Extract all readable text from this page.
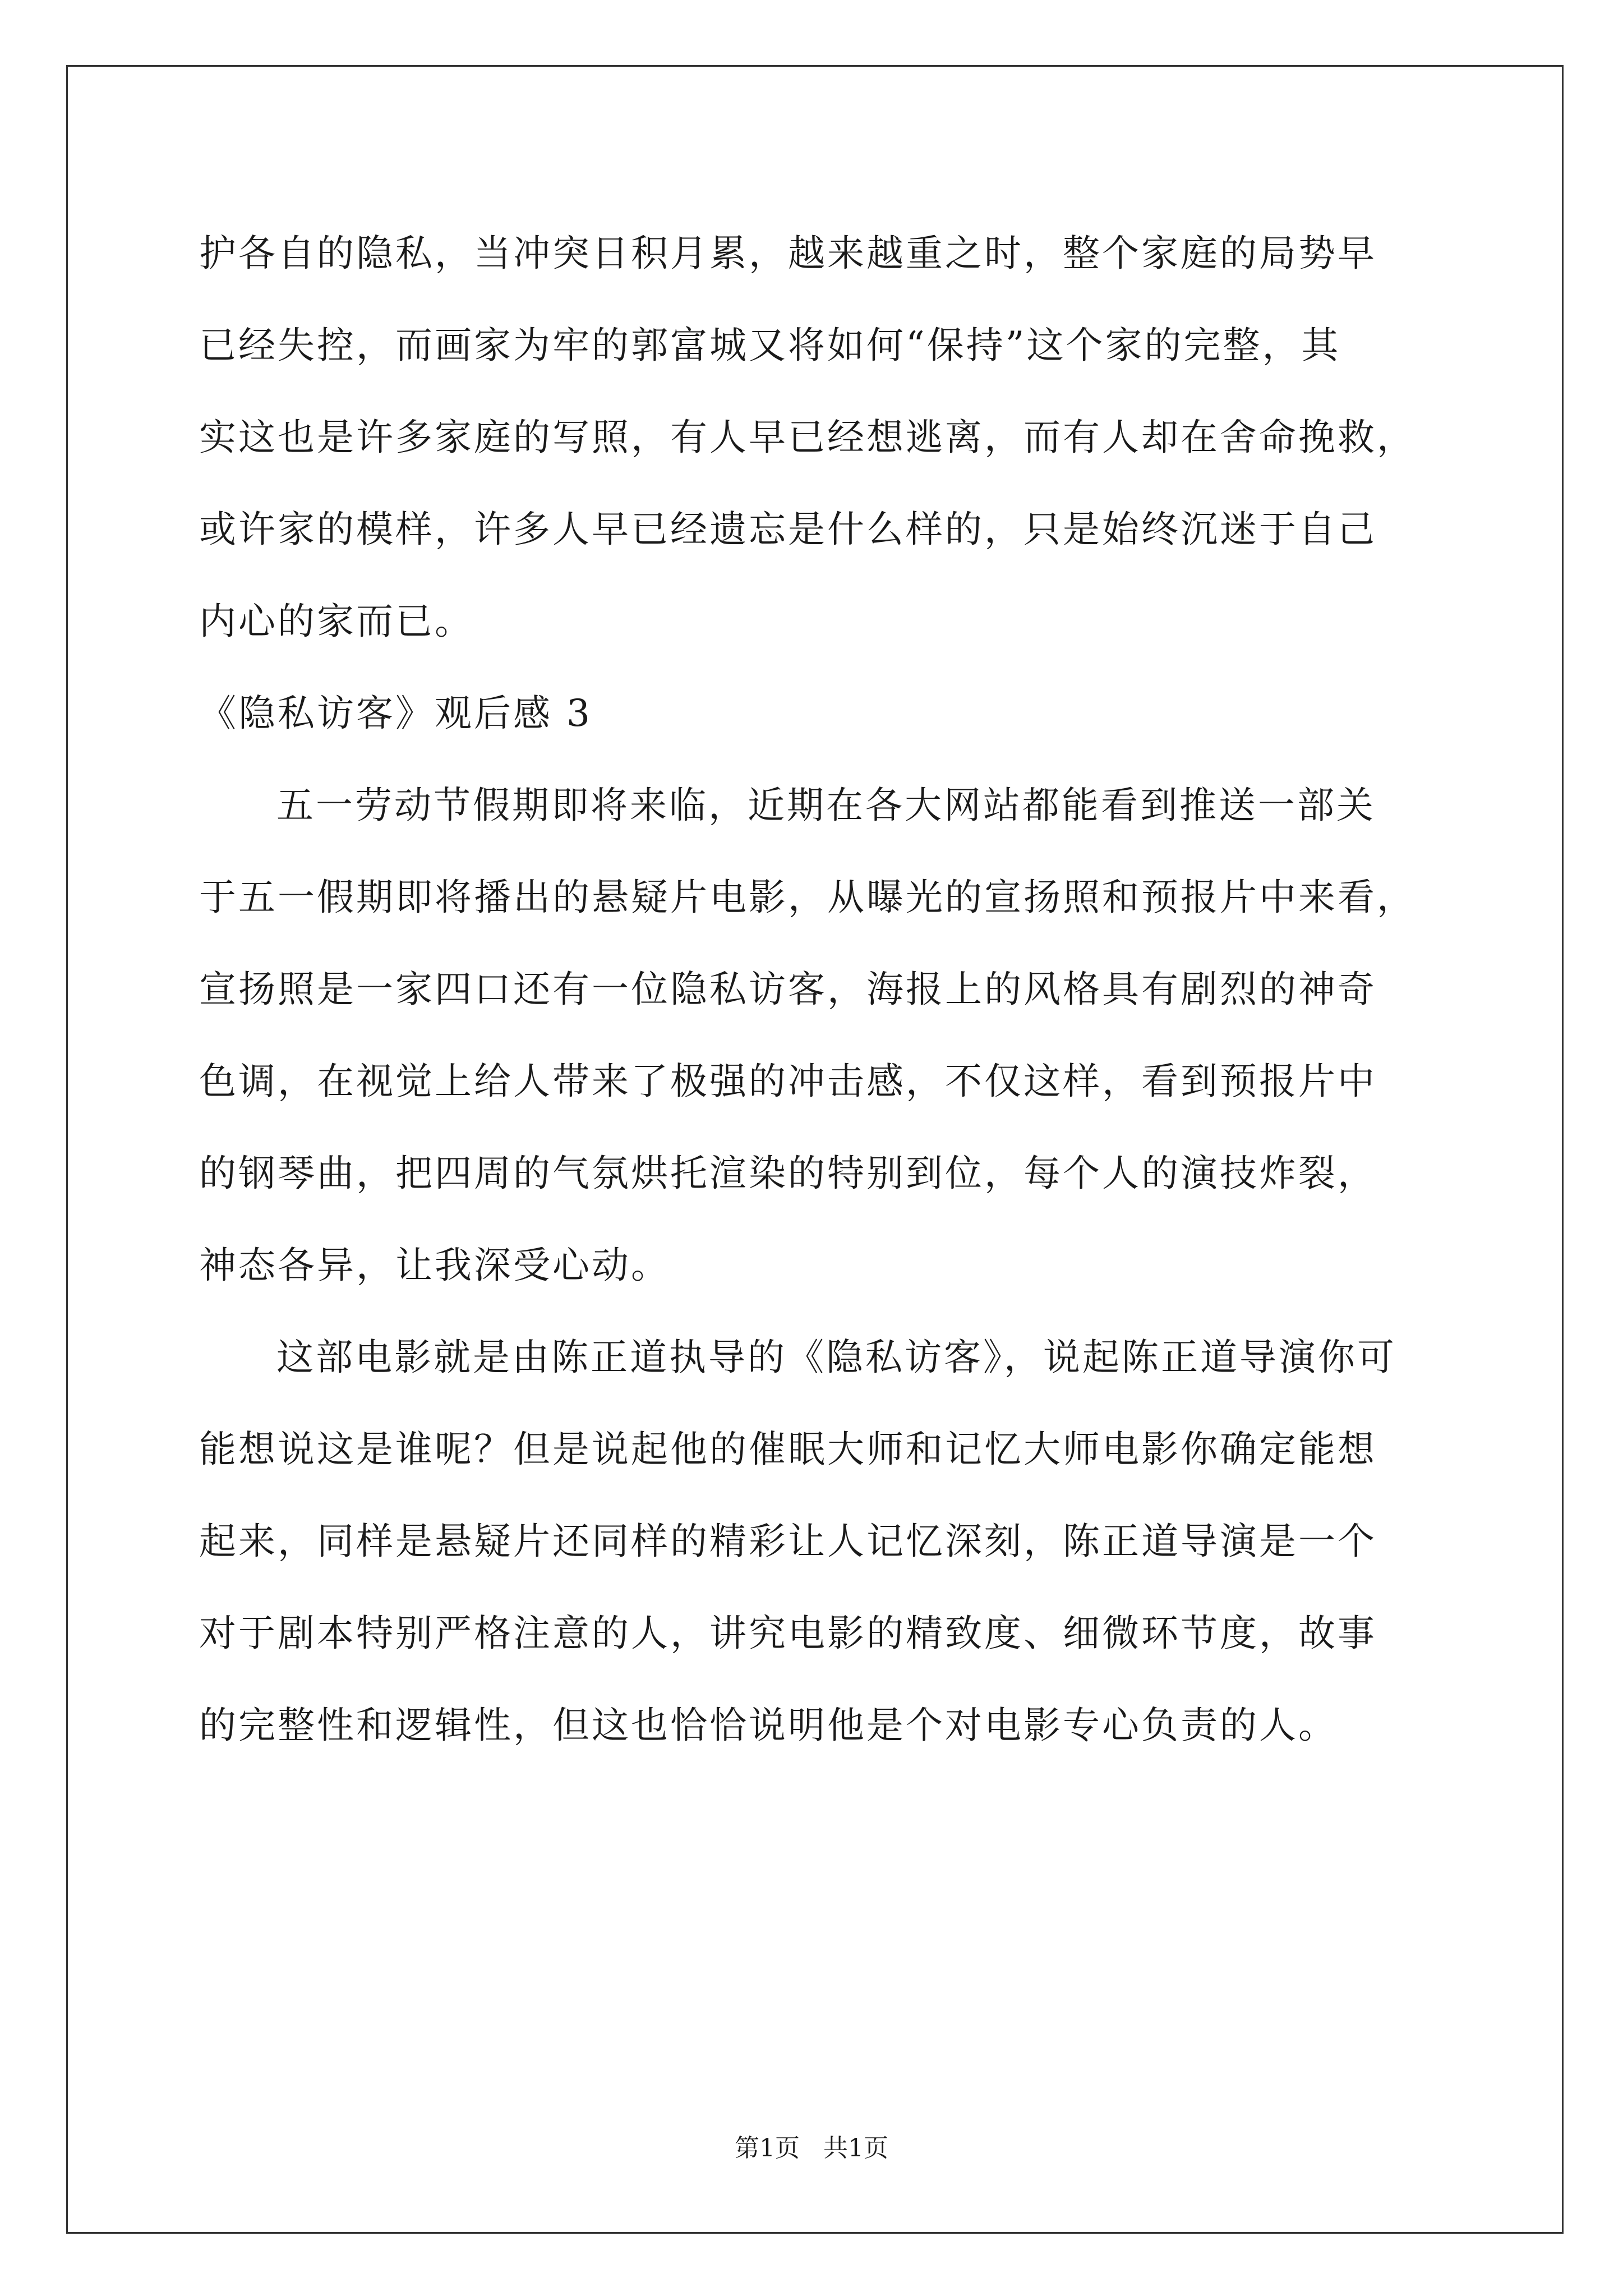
护各自的隐私，当冲突日积月累，越来越重之时，整个家庭的局势早
已经失控，而画家为牢的郭富城又将如何“保持”这个家的完整，其
实这也是许多家庭的写照，有人早已经想逃离，而有人却在舍命挽救，
或许家的模样，许多人早已经遗忘是什么样的，只是始终沉迷于自己
内心的家而已。
《隐私访客》观后感 3
五一劳动节假期即将来临，近期在各大网站都能看到推送一部关
于五一假期即将播出的悬疑片电影，从曝光的宣扬照和预报片中来看，
宣扬照是一家四口还有一位隐私访客，海报上的风格具有剧烈的神奇
色调，在视觉上给人带来了极强的冲击感，不仅这样，看到预报片中
的钢琴曲，把四周的气氛烘托渲染的特别到位，每个人的演技炸裂，
神态各异，让我深受心动。
这部电影就是由陈正道执导的《隐私访客》，说起陈正道导演你可
能想说这是谁呢？但是说起他的催眠大师和记忆大师电影你确定能想
起来，同样是悬疑片还同样的精彩让人记忆深刻，陈正道导演是一个
对于剧本特别严格注意的人，讲究电影的精致度、细微环节度，故事
的完整性和逻辑性，但这也恰恰说明他是个对电影专心负责的人。
第1页   共1页
